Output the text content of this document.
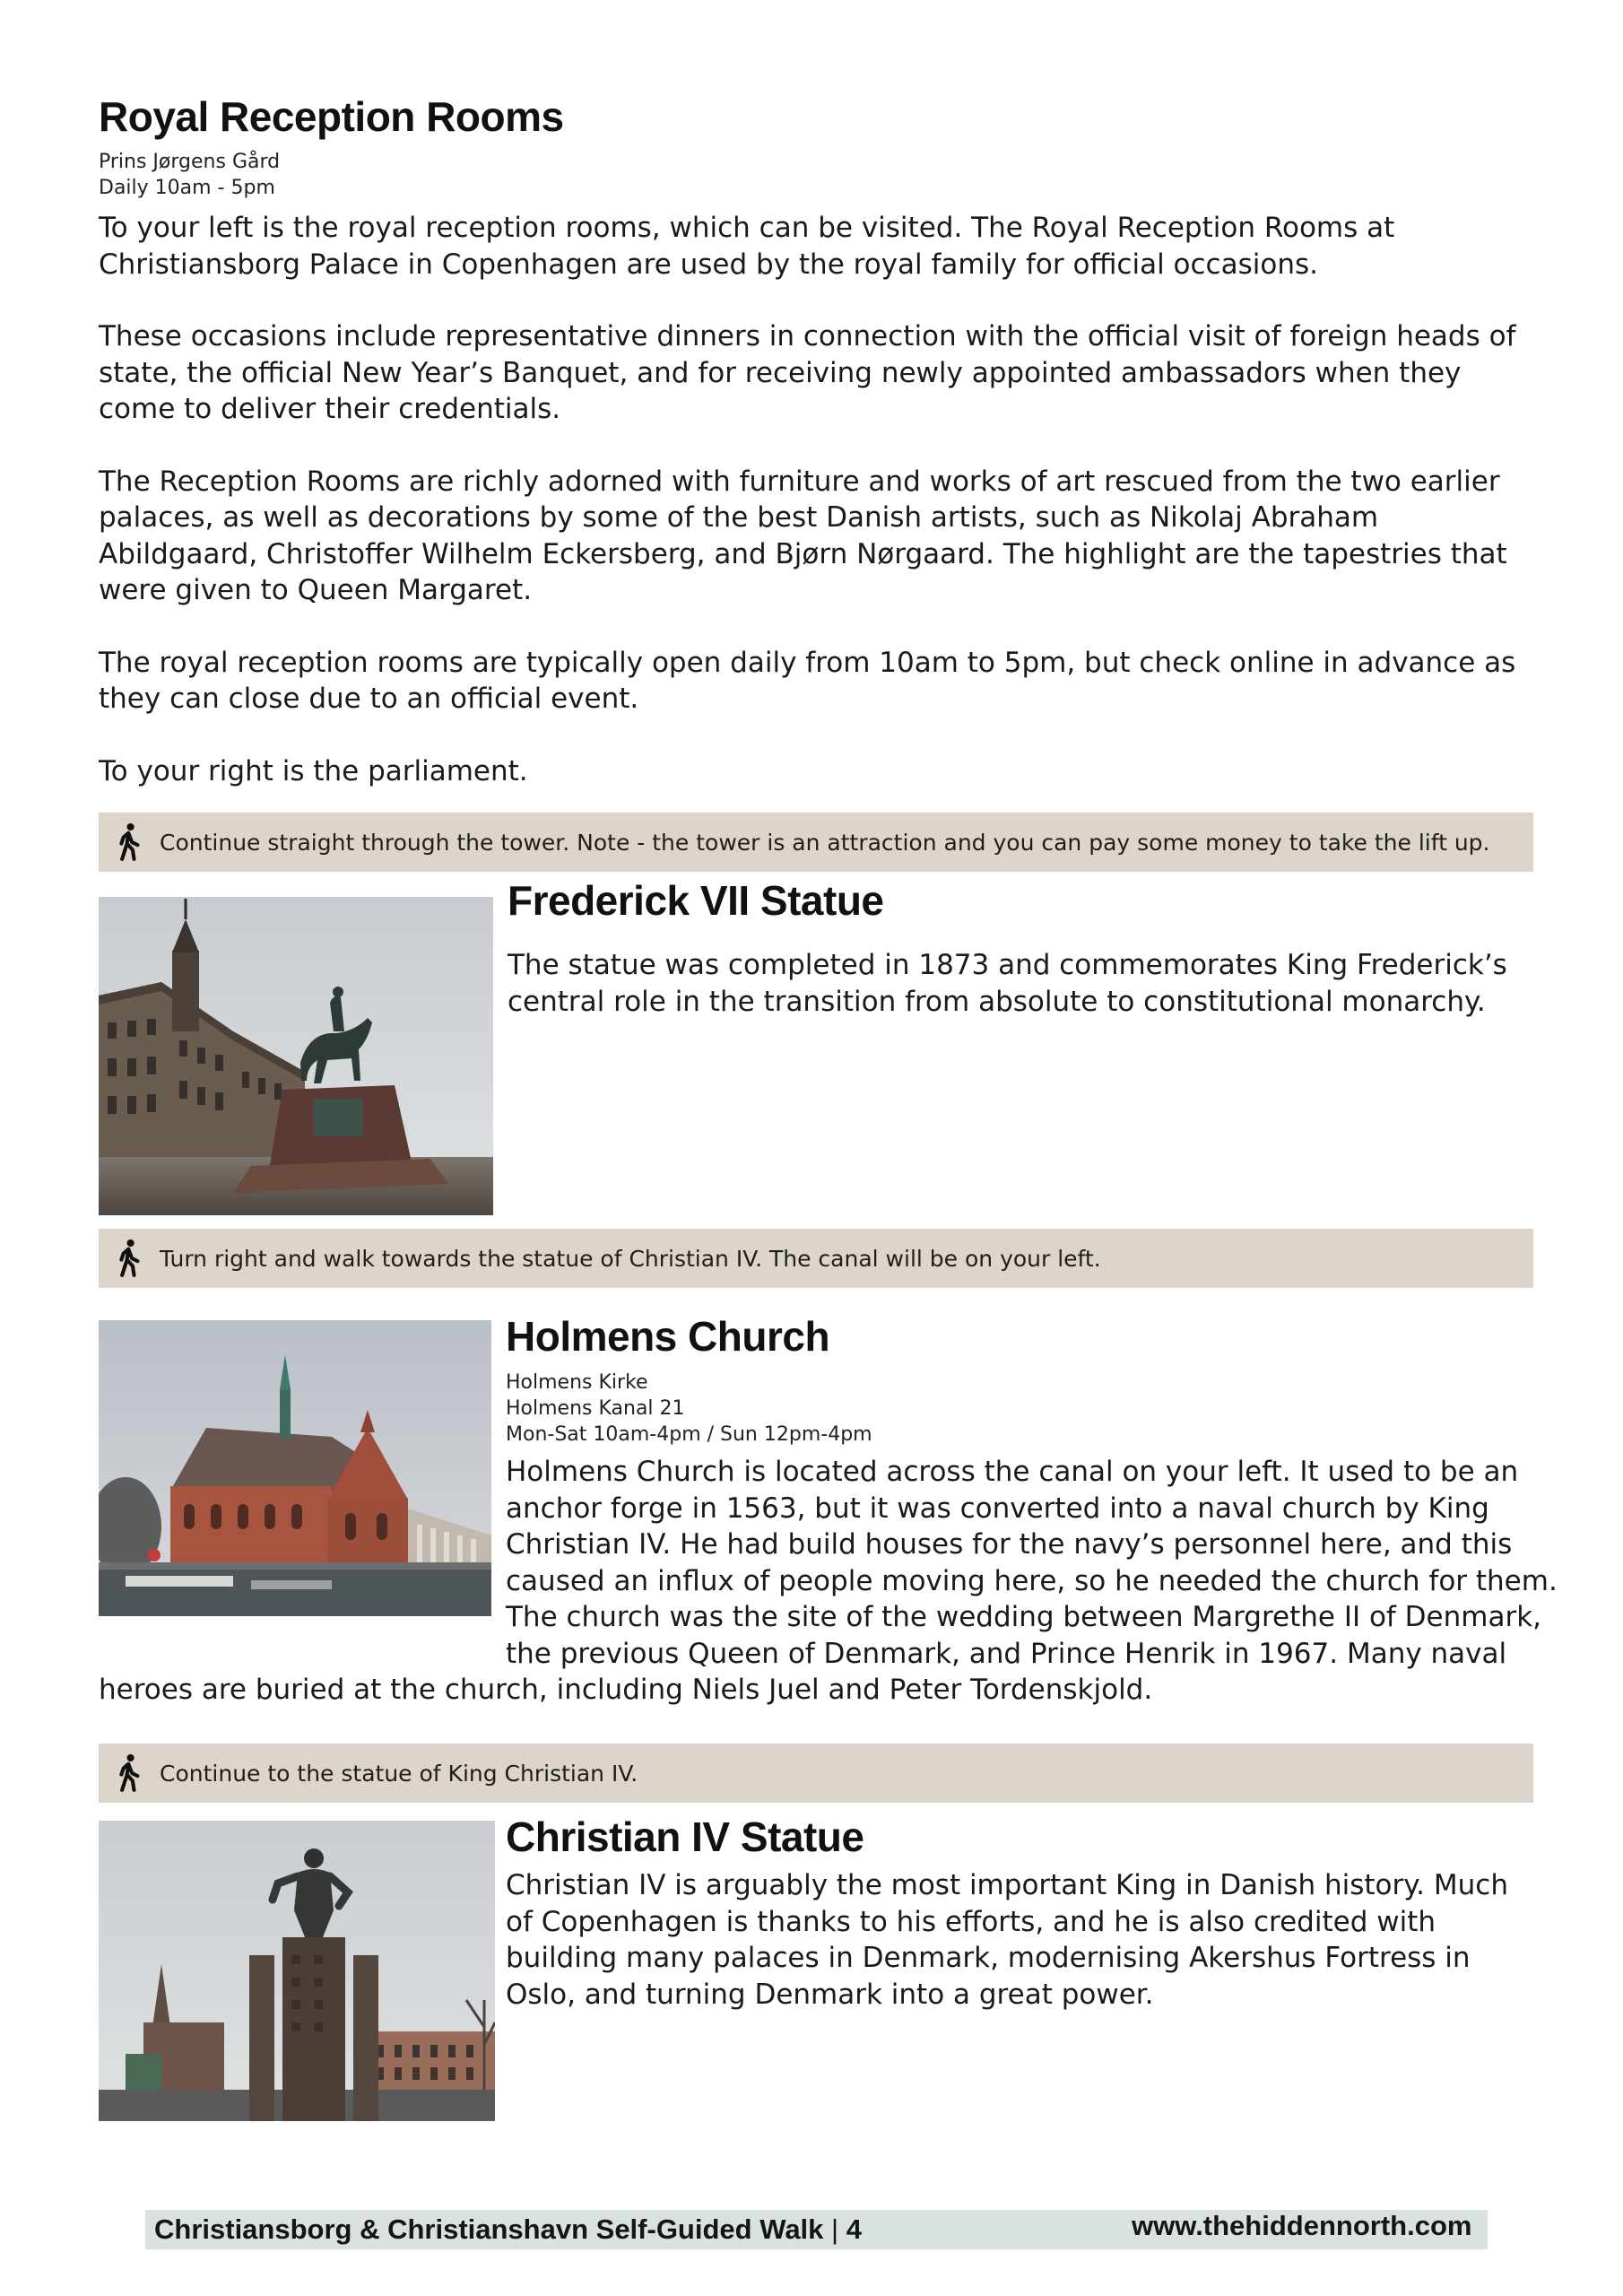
Royal Reception Rooms
Prins Jørgens Gård
Daily 10am - 5pm

To your left is the royal reception rooms, which can be visited. The Royal Reception Rooms at Christiansborg Palace in Copenhagen are used by the royal family for official occasions.

These occasions include representative dinners in connection with the official visit of foreign heads of state, the official New Year’s Banquet, and for receiving newly appointed ambassadors when they come to deliver their credentials.

The Reception Rooms are richly adorned with furniture and works of art rescued from the two earlier palaces, as well as decorations by some of the best Danish artists, such as Nikolaj Abraham Abildgaard, Christoffer Wilhelm Eckersberg, and Bjørn Nørgaard. The highlight are the tapestries that were given to Queen Margaret.

The royal reception rooms are typically open daily from 10am to 5pm, but check online in advance as they can close due to an official event.

To your right is the parliament.

Continue straight through the tower. Note - the tower is an attraction and you can pay some money to take the lift up.
Frederick VII Statue
The statue was completed in 1873 and commemorates King Frederick’s central role in the transition from absolute to constitutional monarchy.
Turn right and walk towards the statue of Christian IV. The canal will be on your left.
Holmens Church
Holmens Kirke
Holmens Kanal 21
Mon-Sat 10am-4pm / Sun 12pm-4pm
Holmens Church is located across the canal on your left. It used to be an
anchor forge in 1563, but it was converted into a naval church by King
Christian IV. He had build houses for the navy’s personnel here, and this
caused an influx of people moving here, so he needed the church for them.
The church was the site of the wedding between Margrethe II of Denmark,
the previous Queen of Denmark, and Prince Henrik in 1967. Many naval
heroes are buried at the church, including Niels Juel and Peter Tordenskjold.
Continue to the statue of King Christian IV.
Christian IV Statue
Christian IV is arguably the most important King in Danish history. Much of Copenhagen is thanks to his efforts, and he is also credited with building many palaces in Denmark, modernising Akershus Fortress in Oslo, and turning Denmark into a great power.
Christiansborg & Christianshavn Self-Guided Walk | 4	www.thehiddennorth.com
